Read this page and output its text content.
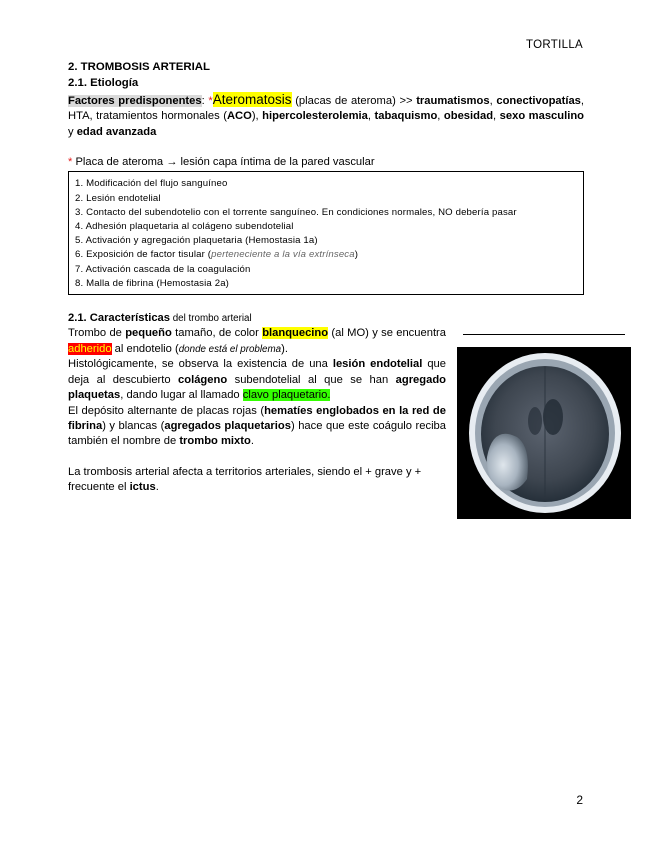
TORTILLA
2. TROMBOSIS ARTERIAL
2.1. Etiología
Factores predisponentes: *Ateromatosis (placas de ateroma) >> traumatismos, conectivopatías, HTA, tratamientos hormonales (ACO), hipercolesterolemia, tabaquismo, obesidad, sexo masculino y edad avanzada
* Placa de ateroma → lesión capa íntima de la pared vascular
1. Modificación del flujo sanguíneo
2. Lesión endotelial
3. Contacto del subendotelio con el torrente sanguíneo. En condiciones normales, NO debería pasar
4. Adhesión plaquetaria al colágeno subendotelial
5. Activación y agregación plaquetaria (Hemostasia 1a)
6. Exposición de factor tisular (perteneciente a la vía extrínseca)
7. Activación cascada de la coagulación
8. Malla de fibrina (Hemostasia 2a)
2.1. Características del trombo arterial
Trombo de pequeño tamaño, de color blanquecino (al MO) y se encuentra adherido al endotelio (donde está el problema).
Histológicamente, se observa la existencia de una lesión endotelial que deja al descubierto colágeno subendotelial al que se han agregado plaquetas, dando lugar al llamado clavo plaquetario.
El depósito alternante de placas rojas (hematíes englobados en la red de fibrina) y blancas (agregados plaquetarios) hace que este coágulo reciba también el nombre de trombo mixto.
La trombosis arterial afecta a territorios arteriales, siendo el + grave y + frecuente el ictus.
2
